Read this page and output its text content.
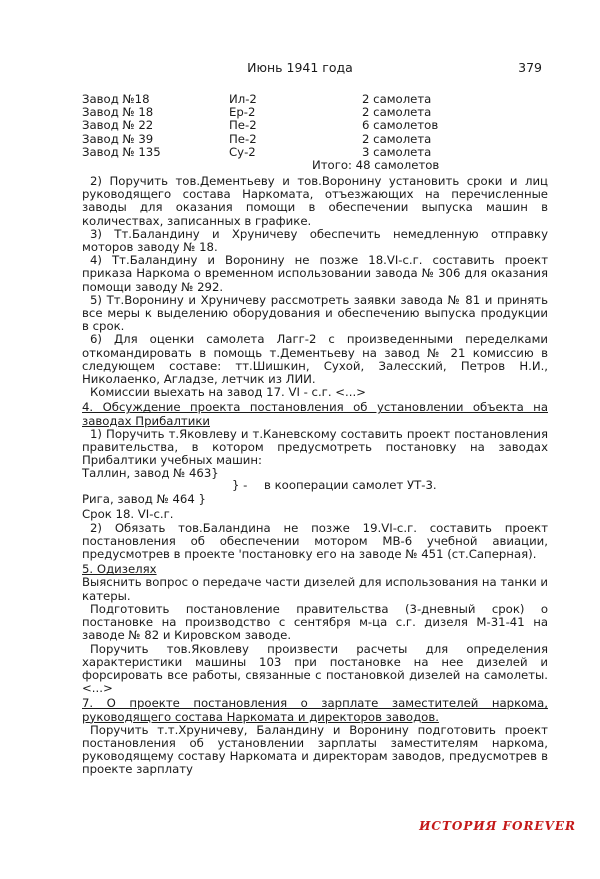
Июнь 1941 года	379
Завод №18	Ил-2	2 самолета
Завод № 18	Ер-2	2 самолета
Завод № 22	Пе-2	6 самолетов
Завод № 39	Пе-2	2 самолета
Завод № 135	Су-2	3 самолета
Итого: 48 самолетов

2) Поручить тов.Дементьеву и тов.Воронину установить сроки и лиц руководящего состава Наркомата, отъезжающих на перечисленные заводы для оказания помощи в обеспечении выпуска машин в количествах, записанных в графике.

3) Тт.Баландину и Хруничеву обеспечить немедленную отправку моторов заводу № 18.

4) Тт.Баландину и Воронину не позже 18.VI-с.г. составить проект приказа Наркома о временном использовании завода № 306 для оказания помощи заводу № 292.

5) Тт.Воронину и Хруничеву рассмотреть заявки завода № 81 и принять все меры к выделению оборудования и обеспечению выпуска продукции в срок.

6) Для оценки самолета Лагг-2 с произведенными переделками откомандировать в помощь т.Дементьеву на завод № 21 комиссию в следующем составе: тт.Шишкин, Сухой, Залесский, Петров Н.И., Николаенко, Агладзе, летчик из ЛИИ.

Комиссии выехать на завод 17. VI - с.г. <...>

4. Обсуждение проекта постановления об установлении объекта на заводах Прибалтики

1) Поручить т.Яковлеву и т.Каневскому составить проект постановления правительства, в котором предусмотреть постановку на заводах Прибалтики учебных машин:

Таллин, завод № 463}
} - в кооперации самолет УТ-3.
Рига, завод № 464 }

Срок 18. VI-с.г.

2) Обязать тов.Баландина не позже 19.VI-с.г. составить проект постановления об обеспечении мотором МВ-6 учебной авиации, предусмотрев в проекте 'постановку его на заводе № 451 (ст.Саперная).

5. Одизелях

Выяснить вопрос о передаче части дизелей для использования на танки и катеры.

Подготовить постановление правительства (3-дневный срок) о постановке на производство с сентября м-ца с.г. дизеля М-31-41 на заводе № 82 и Кировском заводе.

Поручить тов.Яковлеву произвести расчеты для определения характеристики машины 103 при постановке на нее дизелей и форсировать все работы, связанные с постановкой дизелей на самолеты. <...>

7. О проекте постановления о зарплате заместителей наркома, руководящего состава Наркомата и директоров заводов.

Поручить т.т.Хруничеву, Баландину и Воронину подготовить проект постановления об установлении зарплаты заместителям наркома, руководящему составу Наркомата и директорам заводов, предусмотрев в проекте зарплату

ИСТОРИЯ FOREVER
